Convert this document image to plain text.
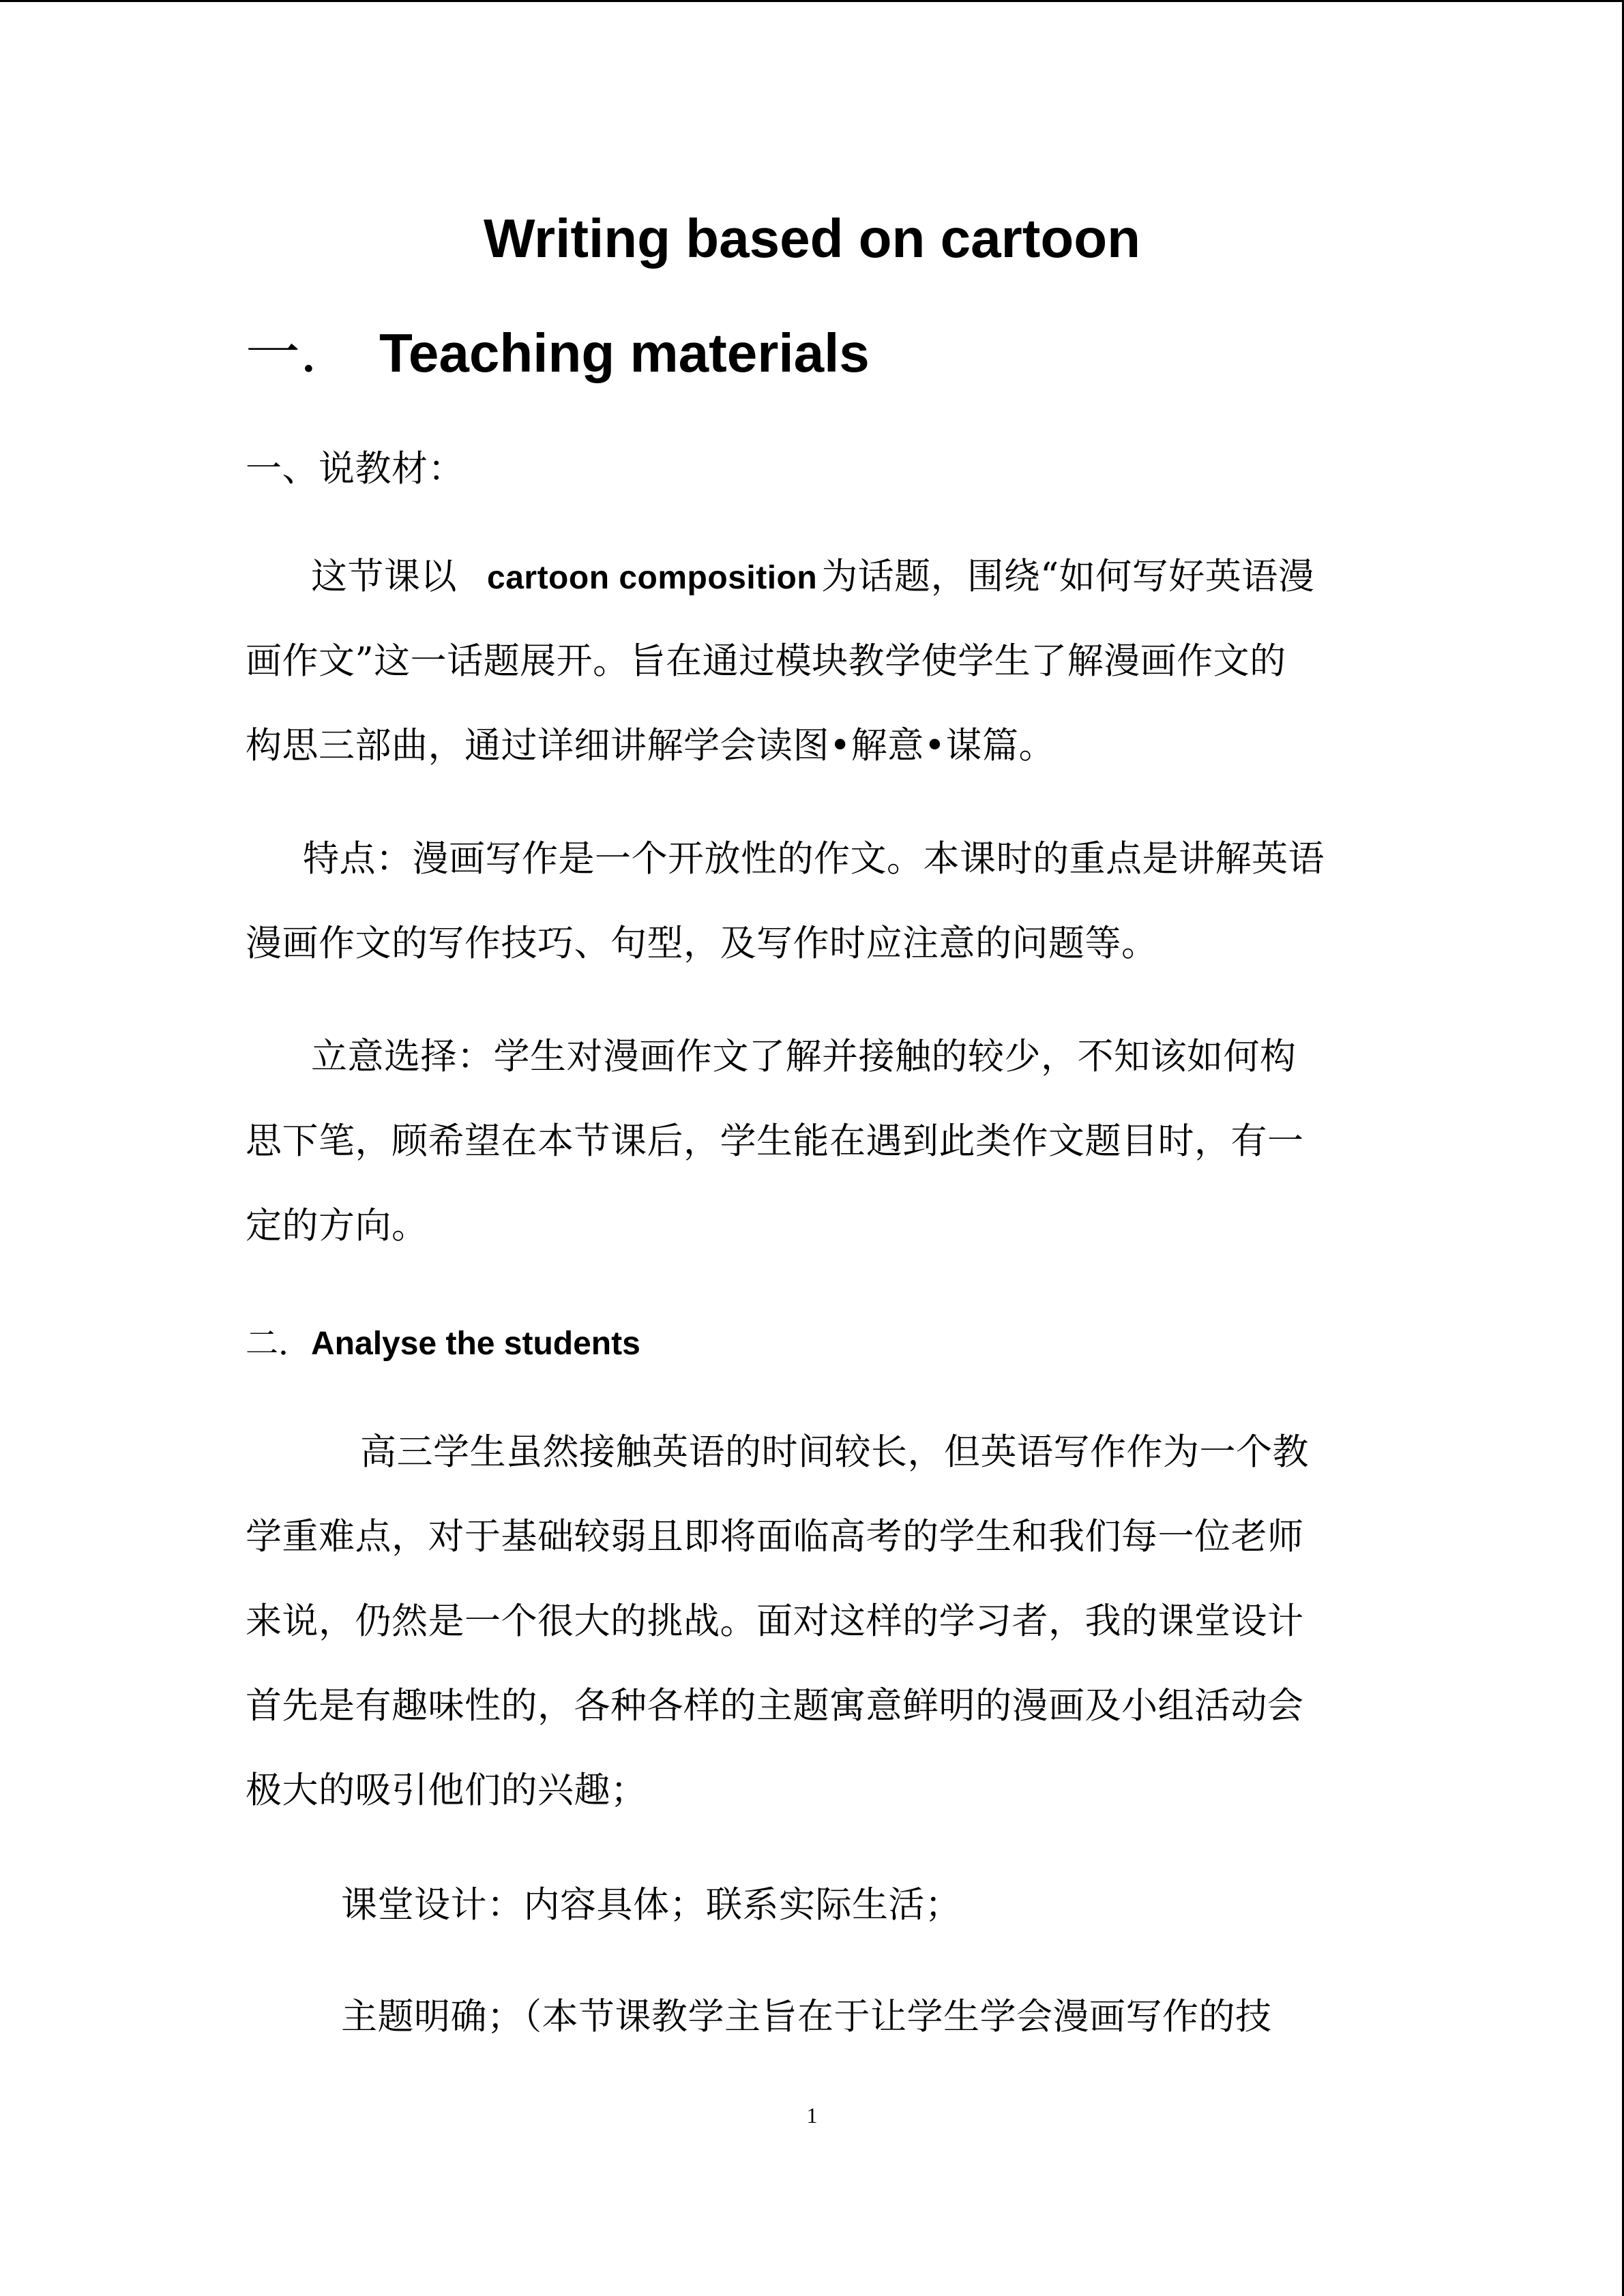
Writing based on cartoon
一． Teaching materials
一、说教材：
这节课以 cartoon composition 为话题，围绕“如何写好英语漫
画作文”这一话题展开。旨在通过模块教学使学生了解漫画作文的
构思三部曲，通过详细讲解学会读图•解意•谋篇。
特点：漫画写作是一个开放性的作文。本课时的重点是讲解英语
漫画作文的写作技巧、句型，及写作时应注意的问题等。
立意选择：学生对漫画作文了解并接触的较少，不知该如何构
思下笔，顾希望在本节课后，学生能在遇到此类作文题目时，有一
定的方向。
二．Analyse the students
高三学生虽然接触英语的时间较长，但英语写作作为一个教
学重难点，对于基础较弱且即将面临高考的学生和我们每一位老师
来说，仍然是一个很大的挑战。面对这样的学习者，我的课堂设计
首先是有趣味性的，各种各样的主题寓意鲜明的漫画及小组活动会
极大的吸引他们的兴趣；
课堂设计：内容具体；联系实际生活；
主题明确；（本节课教学主旨在于让学生学会漫画写作的技
1
